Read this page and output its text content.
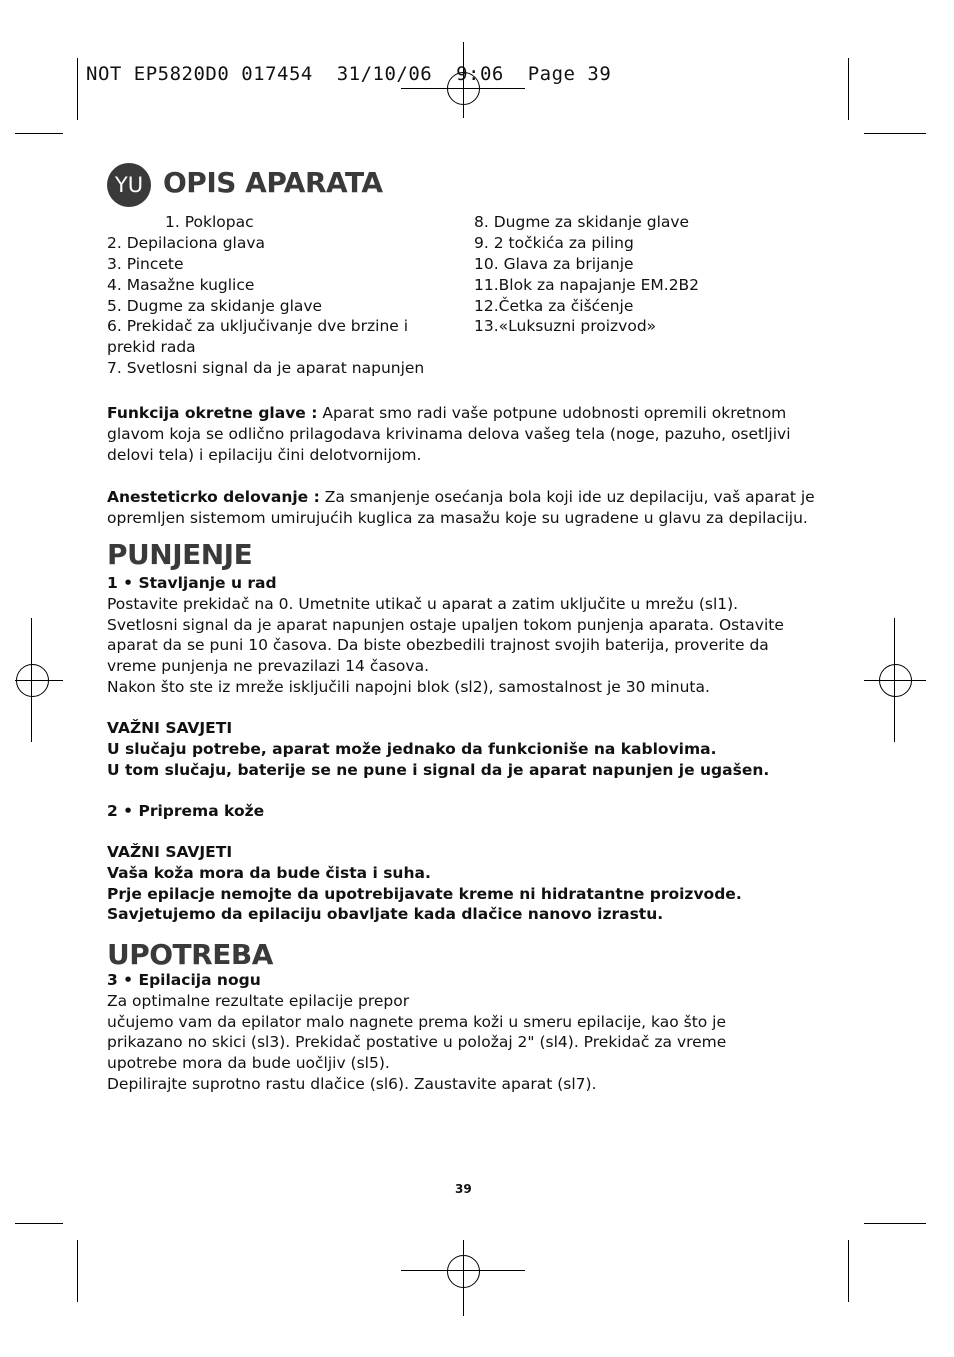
NOT EP5820D0 017454  31/10/06  9:06  Page 39
YU OPIS APARATA
1. Poklopac
2. Depilaciona glava
3. Pincete
4. Masažne kuglice
5. Dugme za skidanje glave
6. Prekidač za uključivanje dve brzine i
prekid rada
7. Svetlosni signal da je aparat napunjen
8. Dugme za skidanje glave
9. 2 točkića za piling
10. Glava za brijanje
11.Blok za napajanje EM.2B2
12.Četka za čišćenje
13.«Luksuzni proizvod»
Funkcija okretne glave : Aparat smo radi vaše potpune udobnosti opremili okretnom
glavom koja se odlično prilagodava krivinama delova vašeg tela (noge, pazuho, osetljivi
delovi tela) i epilaciju čini delotvornijom.
Anesteticrko delovanje : Za smanjenje osećanja bola koji ide uz depilaciju, vaš aparat je
opremljen sistemom umirujućih kuglica za masažu koje su ugradene u glavu za depilaciju.
PUNJENJE
1 • Stavljanje u rad
Postavite prekidač na 0. Umetnite utikač u aparat a zatim uključite u mrežu (sl1).
Svetlosni signal da je aparat napunjen ostaje upaljen tokom punjenja aparata. Ostavite
aparat da se puni 10 časova. Da biste obezbedili trajnost svojih baterija, proverite da
vreme punjenja ne prevazilazi 14 časova.
Nakon što ste iz mreže isključili napojni blok (sl2), samostalnost je 30 minuta.
VAŽNI SAVJETI
U slučaju potrebe, aparat može jednako da funkcioniše na kablovima.
U tom slučaju, baterije se ne pune i signal da je aparat napunjen je ugašen.
2 • Priprema kože
VAŽNI SAVJETI
Vaša koža mora da bude čista i suha.
Prje epilacje nemojte da upotrebijavate kreme ni hidratantne proizvode.
Savjetujemo da epilaciju obavljate kada dlačice nanovo izrastu.
UPOTREBA
3 • Epilacija nogu
Za optimalne rezultate epilacije prepor
učujemo vam da epilator malo nagnete prema koži u smeru epilacije, kao što je
prikazano no skici (sl3). Prekidač postative u položaj 2" (sl4). Prekidač za vreme
upotrebe mora da bude uočljiv (sl5).
Depilirajte suprotno rastu dlačice (sl6). Zaustavite aparat (sl7).
39
